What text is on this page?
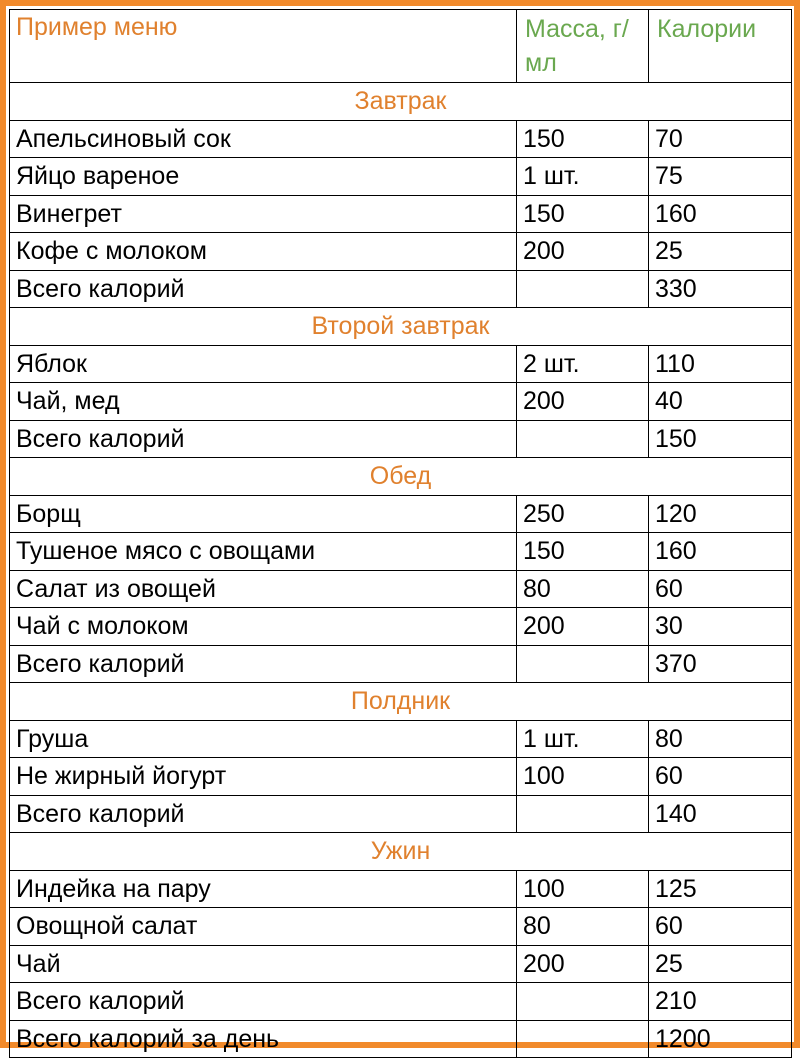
Пример меню	Масса, г/мл	Калории
Завтрак		
Апельсиновый сок	150	70
Яйцо вареное	1 шт.	75
Винегрет	150	160
Кофе с молоком	200	25
Всего калорий		330
Второй завтрак		
Яблок	2 шт.	110
Чай, мед	200	40
Всего калорий		150
Обед		
Борщ	250	120
Тушеное мясо с овощами	150	160
Салат из овощей	80	60
Чай с молоком	200	30
Всего калорий		370
Полдник		
Груша	1 шт.	80
Не жирный йогурт	100	60
Всего калорий		140
Ужин		
Индейка на пару	100	125
Овощной салат	80	60
Чай	200	25
Всего калорий		210
Всего калорий за день		1200
